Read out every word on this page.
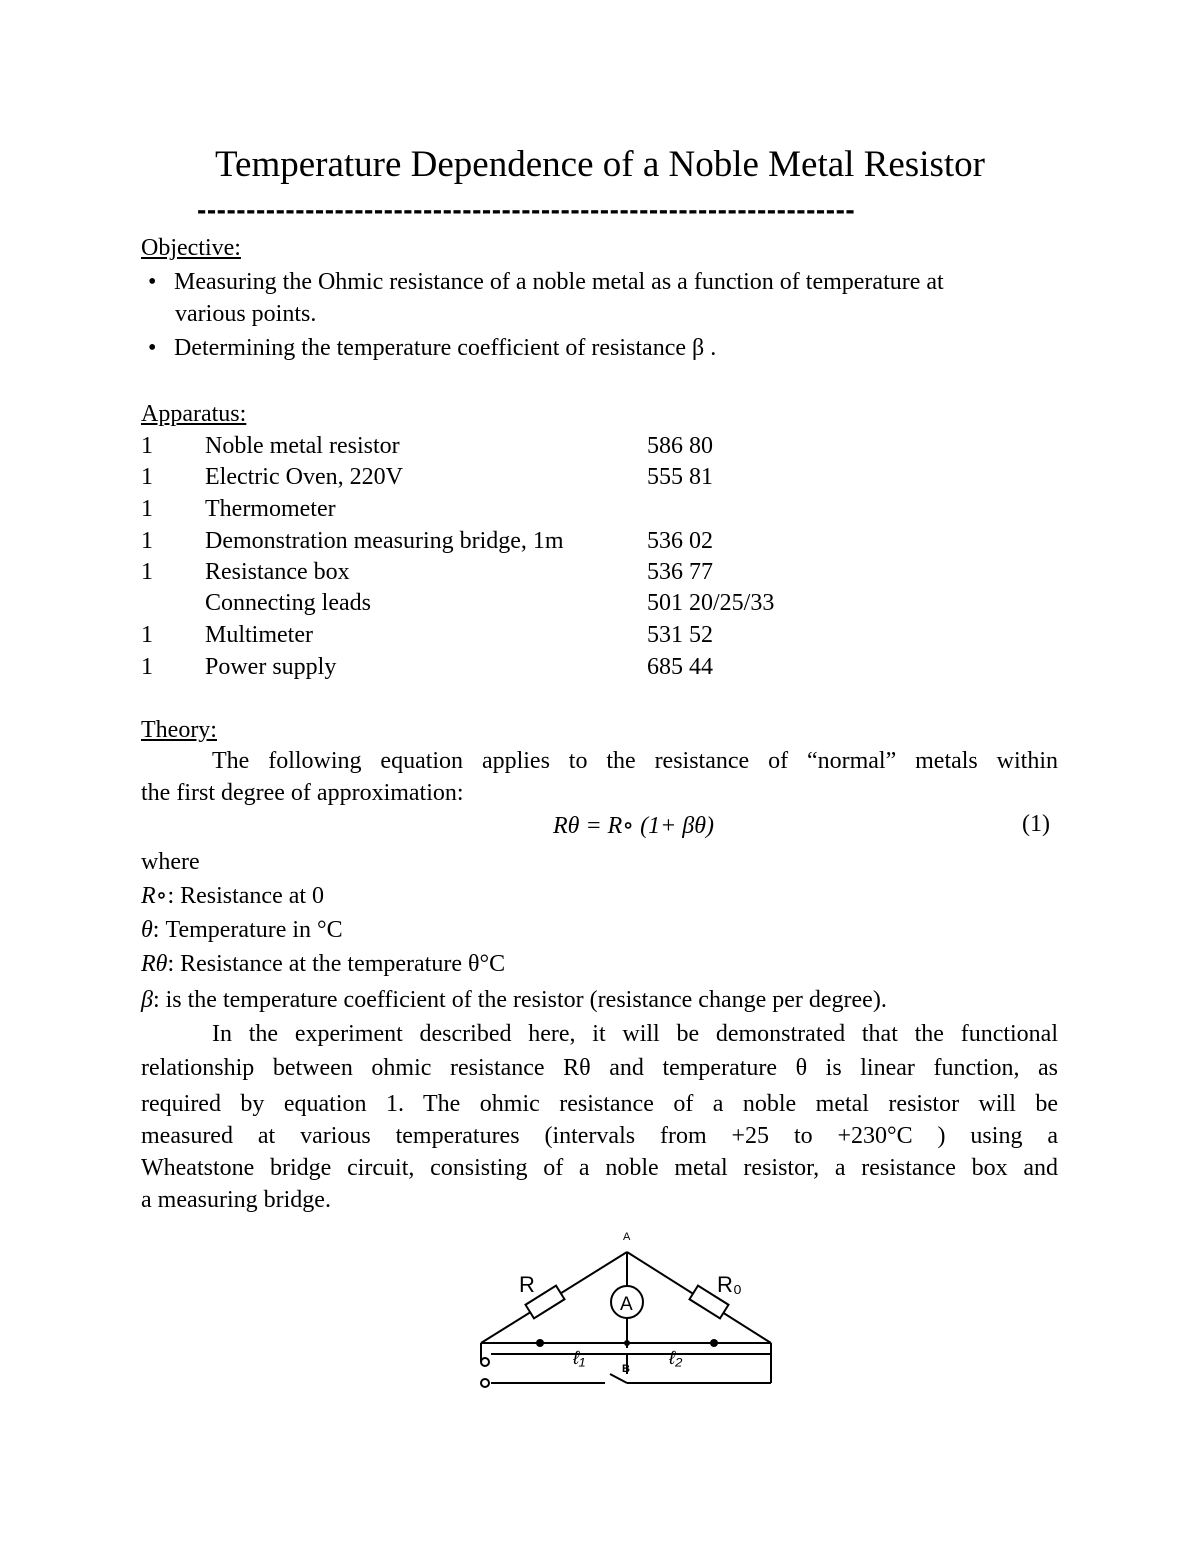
Temperature Dependence of a Noble Metal Resistor
-------------------------------------------------------------------
Objective:
• Measuring the Ohmic resistance of a noble metal as a function of temperature at
various points.
• Determining the temperature coefficient of resistance β .
Apparatus:
1 Noble metal resistor	586 80
1 Electric Oven, 220V	555 81
1 Thermometer
1 Demonstration measuring bridge, 1m	536 02
1 Resistance box	536 77
Connecting leads	501 20/25/33
1 Multimeter	531 52
1 Power supply	685 44
Theory:
The following equation applies to the resistance of “normal” metals within
the first degree of approximation:
Rθ = R∘ (1+ βθ)	(1)
where
R∘: Resistance at 0
θ: Temperature in °C
Rθ: Resistance at the temperature θ°C
β: is the temperature coefficient of the resistor (resistance change per degree).
In the experiment described here, it will be demonstrated that the functional
relationship between ohmic resistance Rθ and temperature θ is linear function, as
required by equation 1. The ohmic resistance of a noble metal resistor will be
measured at various temperatures (intervals from +25 to +230°C ) using a
Wheatstone bridge circuit, consisting of a noble metal resistor, a resistance box and
a measuring bridge.
A
R	R₀
A
ℓ₁	ℓ₂
B
